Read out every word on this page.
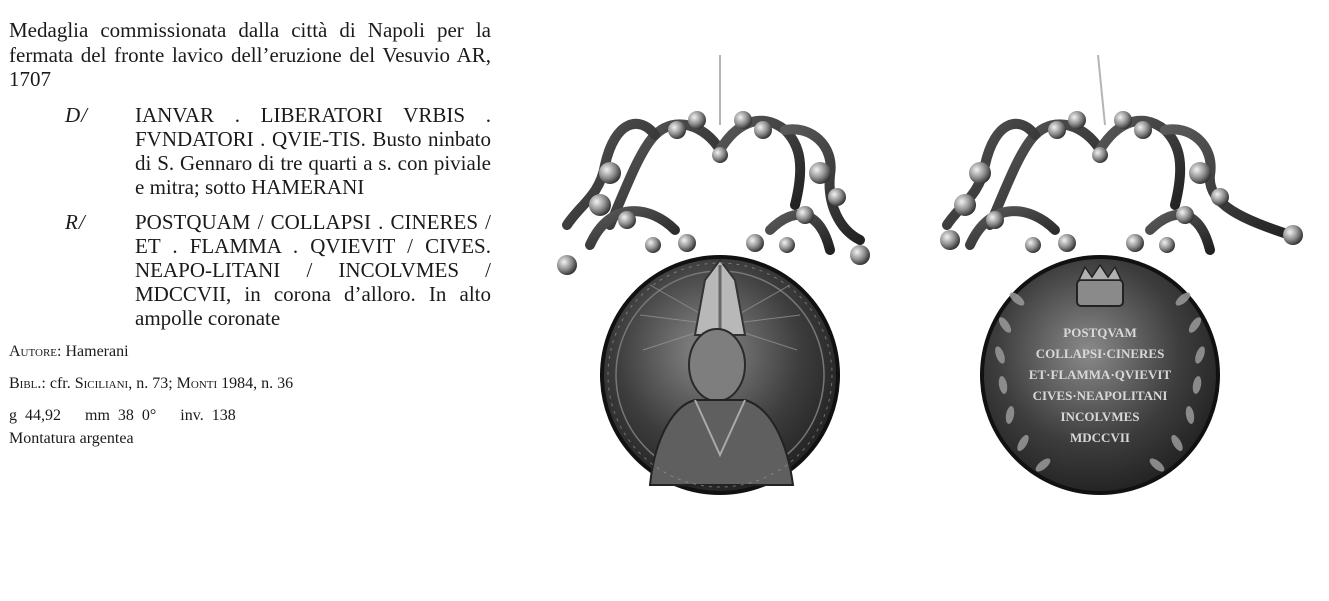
Medaglia commissionata dalla città di Napoli per la fermata del fronte lavico dell’eruzione del Vesuvio AR, 1707

D/	IANVAR . LIBERATORI VRBIS . FVNDATORI . QVIE-TIS. Busto ninbato di S. Gennaro di tre quarti a s. con piviale e mitra; sotto HAMERANI
R/	POSTQUAM / COLLAPSI . CINERES / ET . FLAMMA . QVIEVIT / CIVES. NEAPO-LITANI / INCOLVMES / MDCCVII, in corona d’alloro. In alto ampolle coronate

Autore: Hamerani

Bibl.: cfr. Siciliani, n. 73; Monti 1984, n. 36

g 44,92   mm 38 0°   inv. 138

Montatura argentea

POSTQVAM
COLLAPSI·CINERES
ET·FLAMMA·QVIEVIT
CIVES·NEAPOLITANI
INCOLVMES
MDCCVII
